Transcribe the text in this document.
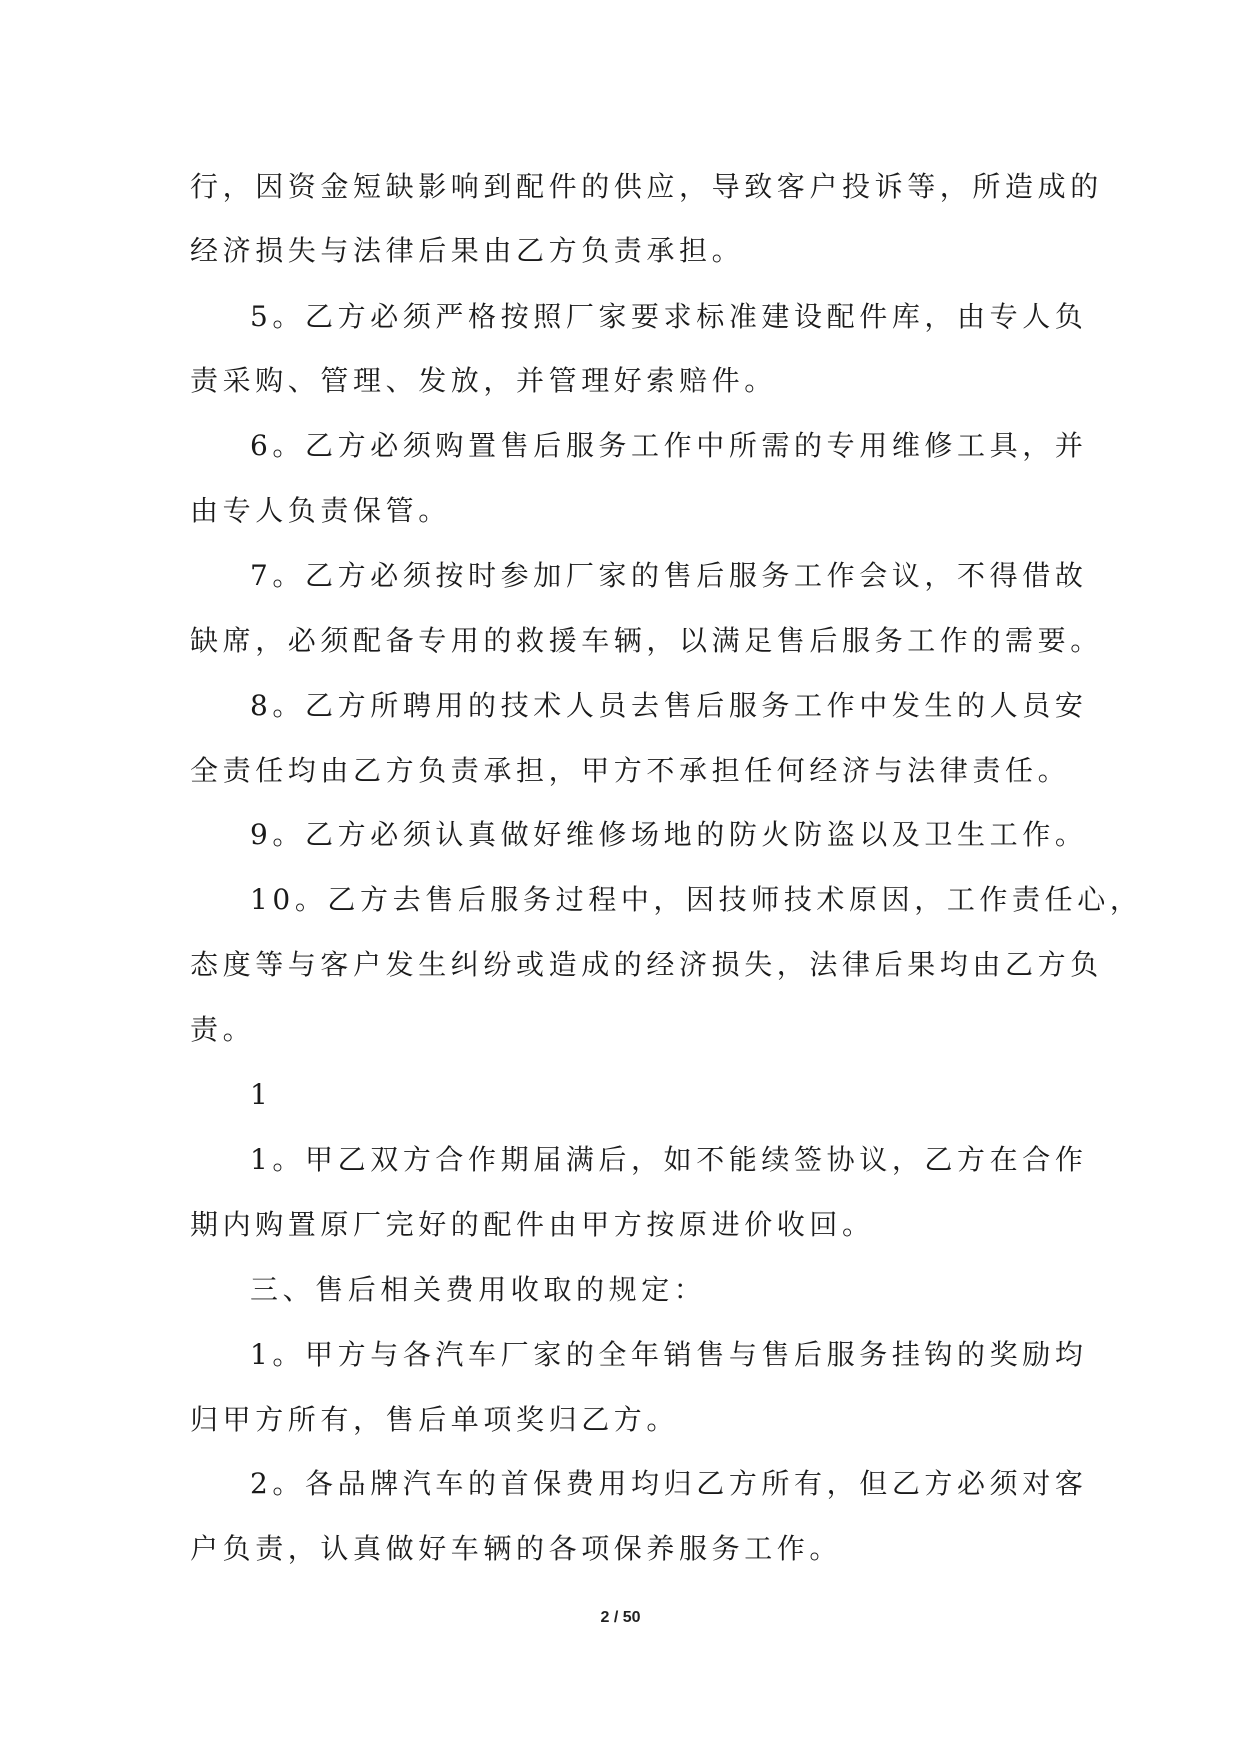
行，因资金短缺影响到配件的供应，导致客户投诉等，所造成的
经济损失与法律后果由乙方负责承担。
5。乙方必须严格按照厂家要求标准建设配件库，由专人负
责采购、管理、发放，并管理好索赔件。
6。乙方必须购置售后服务工作中所需的专用维修工具，并
由专人负责保管。
7。乙方必须按时参加厂家的售后服务工作会议，不得借故
缺席，必须配备专用的救援车辆，以满足售后服务工作的需要。
8。乙方所聘用的技术人员去售后服务工作中发生的人员安
全责任均由乙方负责承担，甲方不承担任何经济与法律责任。
9。乙方必须认真做好维修场地的防火防盗以及卫生工作。
10。乙方去售后服务过程中，因技师技术原因，工作责任心，
态度等与客户发生纠纷或造成的经济损失，法律后果均由乙方负
责。
1
1。甲乙双方合作期届满后，如不能续签协议，乙方在合作
期内购置原厂完好的配件由甲方按原进价收回。
三、售后相关费用收取的规定：
1。甲方与各汽车厂家的全年销售与售后服务挂钩的奖励均
归甲方所有，售后单项奖归乙方。
2。各品牌汽车的首保费用均归乙方所有，但乙方必须对客
户负责，认真做好车辆的各项保养服务工作。
2 / 50
